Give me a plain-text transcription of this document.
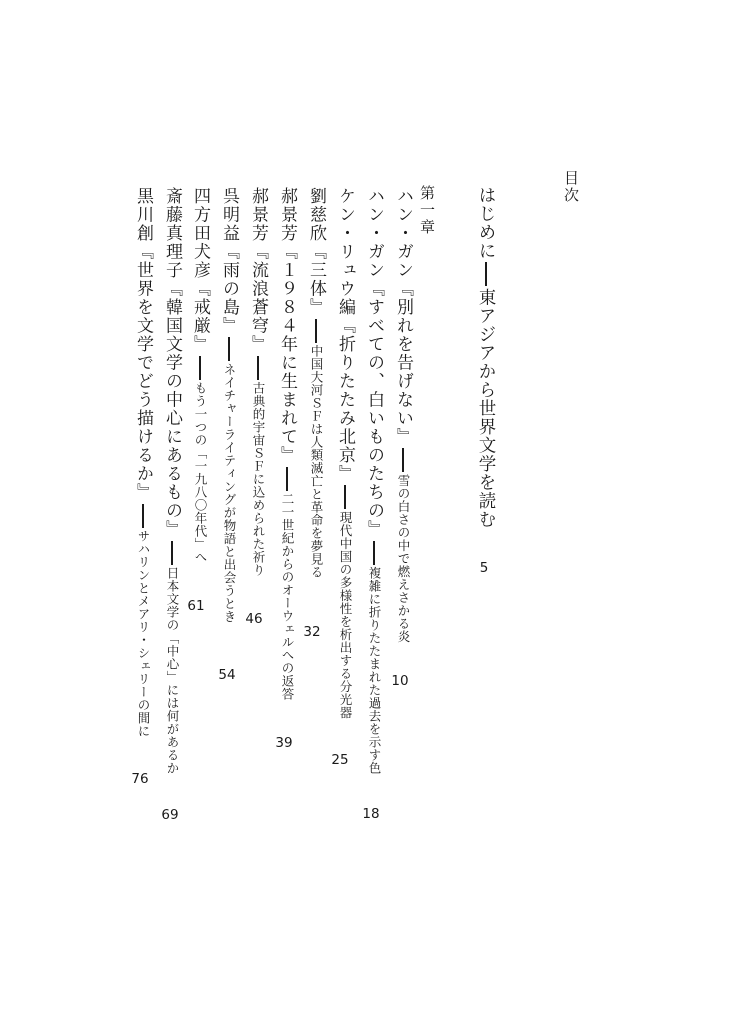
目次
はじめに東アジアから世界文学を読む
5
第一章
ハン・ガン『別れを告げない』雪の白さの中で燃えさかる炎
10
ハン・ガン『すべての、白いものたちの』複雑に折りたたまれた過去を示す色
18
ケン・リュウ編『折りたたみ北京』現代中国の多様性を析出する分光器
25
劉慈欣『三体』中国大河ＳＦは人類滅亡と革命を夢見る
32
郝景芳『１９８４年に生まれて』二一世紀からのオーウェルへの返答
39
郝景芳『流浪蒼穹』古典的宇宙ＳＦに込められた祈り
46
呉明益『雨の島』ネイチャーライティングが物語と出会うとき
54
四方田犬彦『戒厳』もう一つの「一九八〇年代」へ
61
斎藤真理子『韓国文学の中心にあるもの』日本文学の「中心」には何があるか
69
黒川創『世界を文学でどう描けるか』サハリンとメアリ・シェリーの間に
76
